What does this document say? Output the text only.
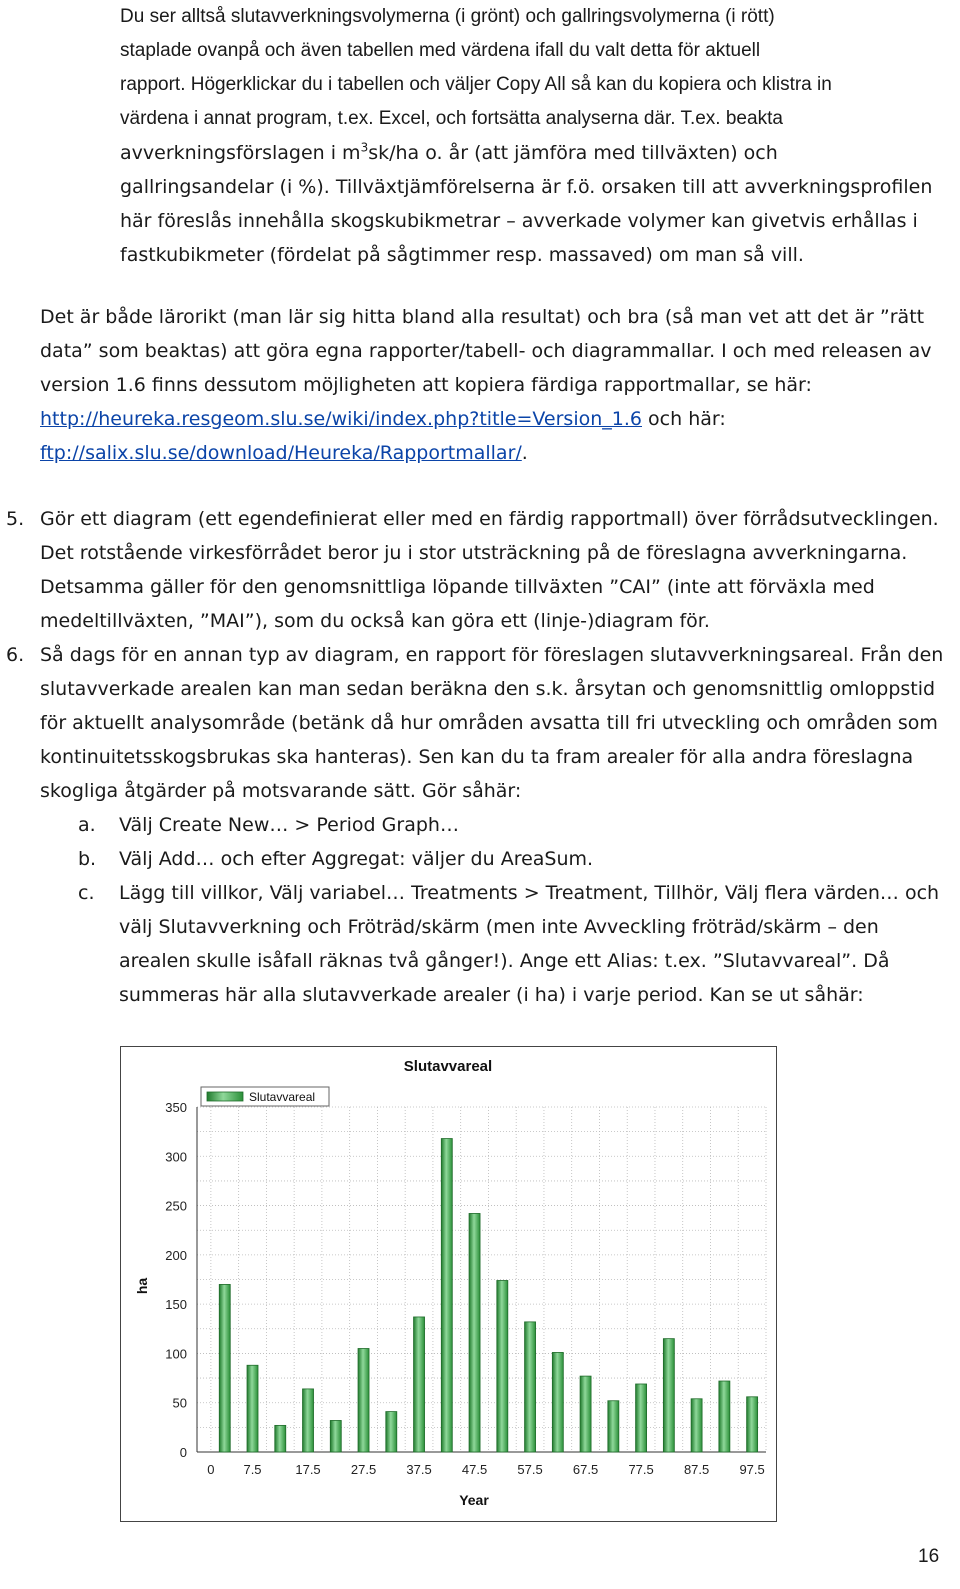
Du ser alltså slutavverkningsvolymerna (i grönt) och gallringsvolymerna (i rött)
staplade ovanpå och även tabellen med värdena ifall du valt detta för aktuell
rapport. Högerklickar du i tabellen och väljer Copy All så kan du kopiera och klistra in
värdena i annat program, t.ex. Excel, och fortsätta analyserna där. T.ex. beakta
avverkningsförslagen i $m^3sk/ha$ o. år (att jämföra med tillväxten) och
gallringsandelar (i %). Tillväxtjämförelserna är f.ö. orsaken till att avverkningsprofilen
här föreslås innehålla skogskubikmetrar – avverkade volymer kan givetvis erhållas i
fastkubikmeter (fördelat på sågtimmer resp. massaved) om man så vill.

Det är både lärorikt (man lär sig hitta bland alla resultat) och bra (så man vet att det är ”rätt data” som beaktas) att göra egna rapporter/tabell- och diagrammallar. I och med releasen av version 1.6 finns dessutom möjligheten att kopiera färdiga rapportmallar, se här: http://heureka.resgeom.slu.se/wiki/index.php?title=Version_1.6 och här: ftp://salix.slu.se/download/Heureka/Rapportmallar/.

5. Gör ett diagram (ett egendefinierat eller med en färdig rapportmall) över förrådsutvecklingen. Det rotstående virkesförrådet beror ju i stor utsträckning på de föreslagna avverkningarna. Detsamma gäller för den genomsnittliga löpande tillväxten ”CAI” (inte att förväxla med medeltillväxten, ”MAI”), som du också kan göra ett (linje-)diagram för.
6. Så dags för en annan typ av diagram, en rapport för föreslagen slutavverkningsareal. Från den slutavverkade arealen kan man sedan beräkna den s.k. årsytan och genomsnittlig omloppstid för aktuellt analysområde (betänk då hur områden avsatta till fri utveckling och områden som kontinuitetsskogsbrukas ska hanteras). Sen kan du ta fram arealer för alla andra föreslagna skogliga åtgärder på motsvarande sätt. Gör såhär:
a. Välj Create New… > Period Graph…
b. Välj Add… och efter Aggregat: väljer du AreaSum.
c. Lägg till villkor, Välj variabel… Treatments > Treatment, Tillhör, Välj flera värden… och välj Slutavverkning och Fröträd/skärm (men inte Avveckling fröträd/skärm – den arealen skulle isåfall räknas två gånger!). Ange ett Alias: t.ex. ”Slutavvareal”. Då summeras här alla slutavverkade arealer (i ha) i varje period. Kan se ut såhär:
Slutavvareal
0
50
100
150
200
250
300
350
0 7.5	17.5 27.5 37.5 47.5 57.5 67.5 77.5 87.5 97.5
Slutavvareal
ha
Year
16
